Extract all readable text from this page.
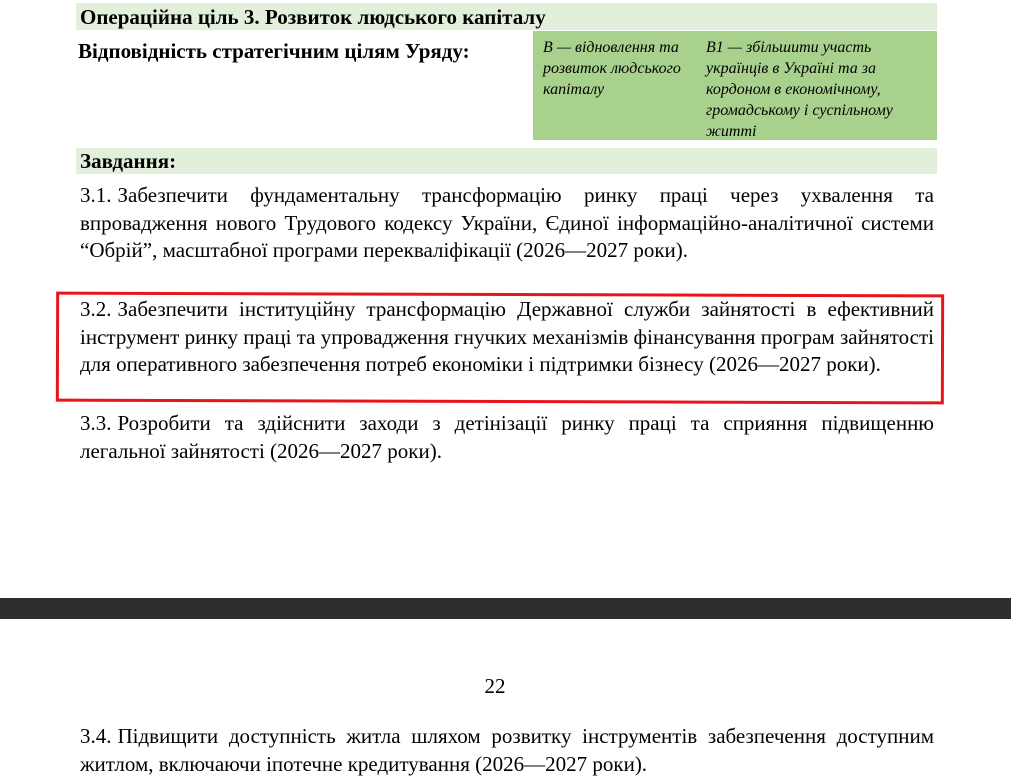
Операційна ціль 3. Розвиток людського капіталу
Відповідність стратегічним цілям Уряду:	В — відновлення та розвиток людського капіталу
В1 — збільшити участь українців в Україні та за кордоном в економічному, громадському і суспільному житті
Завдання:
3.1. Забезпечити фундаментальну трансформацію ринку праці через ухвалення та впровадження нового Трудового кодексу України, Єдиної інформаційно-аналітичної системи “Обрій”, масштабної програми перекваліфікації (2026—2027 роки).
3.2. Забезпечити інституційну трансформацію Державної служби зайнятості в ефективний інструмент ринку праці та упровадження гнучких механізмів фінансування програм зайнятості для оперативного забезпечення потреб економіки і підтримки бізнесу (2026—2027 роки).
3.3. Розробити та здійснити заходи з детінізації ринку праці та сприяння підвищенню легальної зайнятості (2026—2027 роки).
22
3.4. Підвищити доступність житла шляхом розвитку інструментів забезпечення доступним житлом, включаючи іпотечне кредитування (2026—2027 роки).
